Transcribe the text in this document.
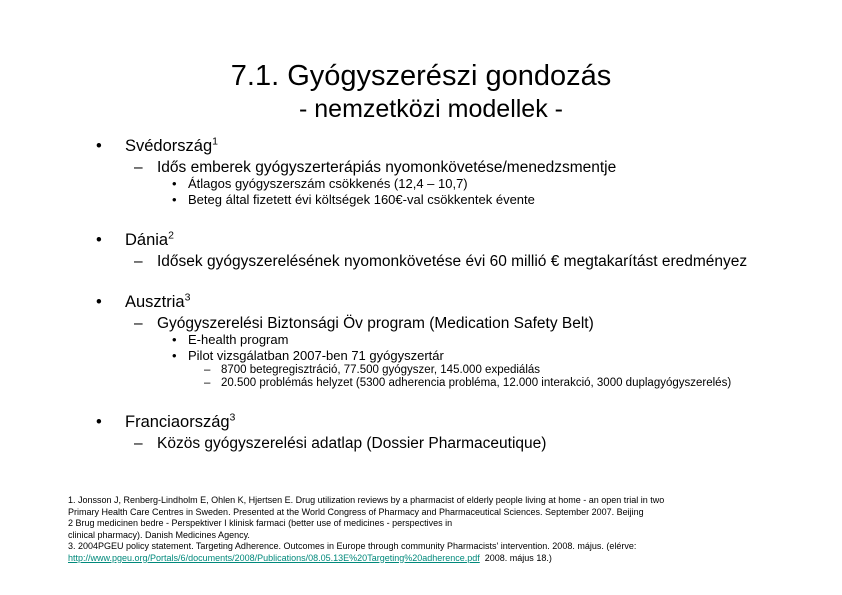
7.1. Gyógyszerészi gondozás
- nemzetközi modellek -
• Svédország$^1$
– Idős emberek gyógyszerterápiás nyomonkövetése/menedzsmentje
• Átlagos gyógyszerszám csökkenés (12,4 – 10,7)
• Beteg által fizetett évi költségek 160€-val csökkentek évente
• Dánia$^2$
– Idősek gyógyszerelésének nyomonkövetése évi 60 millió € megtakarítást eredményez
• Ausztria$^3$
– Gyógyszerelési Biztonsági Öv program (Medication Safety Belt)
• E-health program
• Pilot vizsgálatban 2007-ben 71 gyógyszertár
– 8700 betegregisztráció, 77.500 gyógyszer, 145.000 expediálás
– 20.500 problémás helyzet (5300 adherencia probléma, 12.000 interakció, 3000 duplagyógyszerelés)
• Franciaország$^3$
– Közös gyógyszerelési adatlap (Dossier Pharmaceutique)
1. Jonsson J, Renberg-Lindholm E, Ohlen K, Hjertsen E. Drug utilization reviews by a pharmacist of elderly people living at home - an open trial in two
Primary Health Care Centres in Sweden. Presented at the World Congress of Pharmacy and Pharmaceutical Sciences. September 2007. Beijing
2 Brug medicinen bedre - Perspektiver I klinisk farmaci (better use of medicines - perspectives in
clinical pharmacy). Danish Medicines Agency.
3. 2004PGEU policy statement. Targeting Adherence. Outcomes in Europe through community Pharmacists' intervention. 2008. május. (elérve:
http://www.pgeu.org/Portals/6/documents/2008/Publications/08.05.13E%20Targeting%20adherence.pdf  2008. május 18.)
